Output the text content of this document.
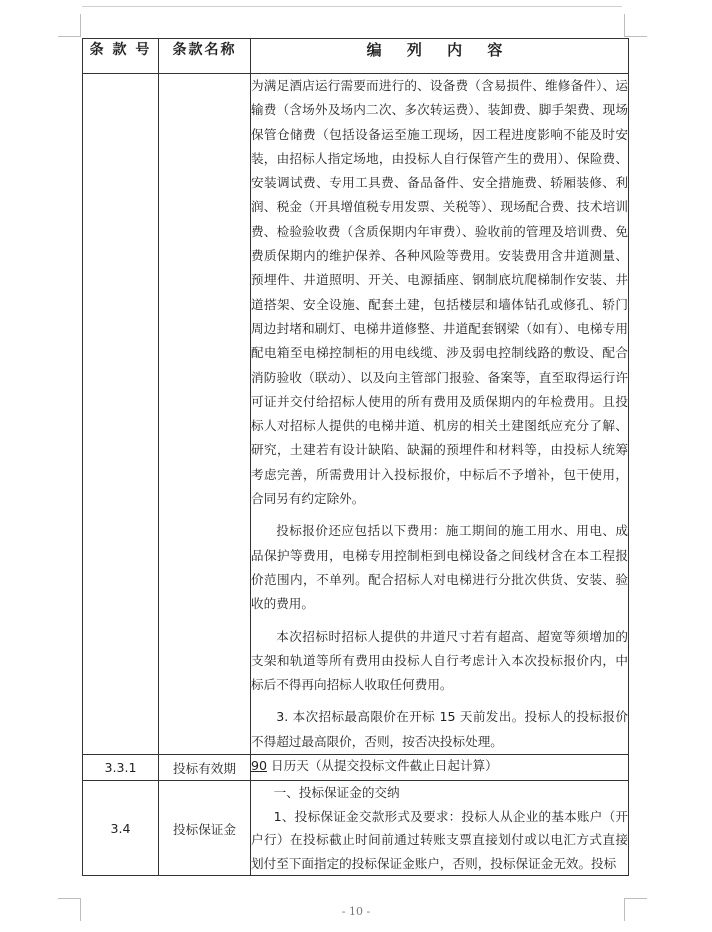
条 款 号	条款名称	编 列 内 容

		为满足酒店运行需要而进行的、设备费（含易损件、维修备件）、运输费（含场外及场内二次、多次转运费）、装卸费、脚手架费、现场保管仓储费（包括设备运至施工现场，因工程进度影响不能及时安装，由招标人指定场地，由投标人自行保管产生的费用）、保险费、安装调试费、专用工具费、备品备件、安全措施费、轿厢装修、利润、税金（开具增值税专用发票、关税等）、现场配合费、技术培训费、检验验收费（含质保期内年审费）、验收前的管理及培训费、免费质保期内的维护保养、各种风险等费用。安装费用含井道测量、预埋件、井道照明、开关、电源插座、钢制底坑爬梯制作安装、井道搭架、安全设施、配套土建，包括楼层和墙体钻孔或修孔、轿门周边封堵和刷灯、电梯井道修整、井道配套钢梁（如有）、电梯专用配电箱至电梯控制柜的用电线缆、涉及弱电控制线路的敷设、配合消防验收（联动）、以及向主管部门报验、备案等，直至取得运行许可证并交付给招标人使用的所有费用及质保期内的年检费用。且投标人对招标人提供的电梯井道、机房的相关土建图纸应充分了解、研究，土建若有设计缺陷、缺漏的预埋件和材料等，由投标人统筹考虑完善，所需费用计入投标报价，中标后不予增补，包干使用，合同另有约定除外。

投标报价还应包括以下费用：施工期间的施工用水、用电、成品保护等费用，电梯专用控制柜到电梯设备之间线材含在本工程报价范围内，不单列。配合招标人对电梯进行分批次供货、安装、验收的费用。

本次招标时招标人提供的井道尺寸若有超高、超宽等须增加的支架和轨道等所有费用由投标人自行考虑计入本次投标报价内，中标后不得再向招标人收取任何费用。

3. 本次招标最高限价在开标 15 天前发出。投标人的投标报价不得超过最高限价，否则，按否决投标处理。

3.3.1	投标有效期	90 日历天（从提交投标文件截止日起计算）
3.4	投标保证金	一、投标保证金的交纳

1、投标保证金交款形式及要求：投标人从企业的基本账户（开户行）在投标截止时间前通过转账支票直接划付或以电汇方式直接划付至下面指定的投标保证金账户，否则，投标保证金无效。投标

- 10 -
